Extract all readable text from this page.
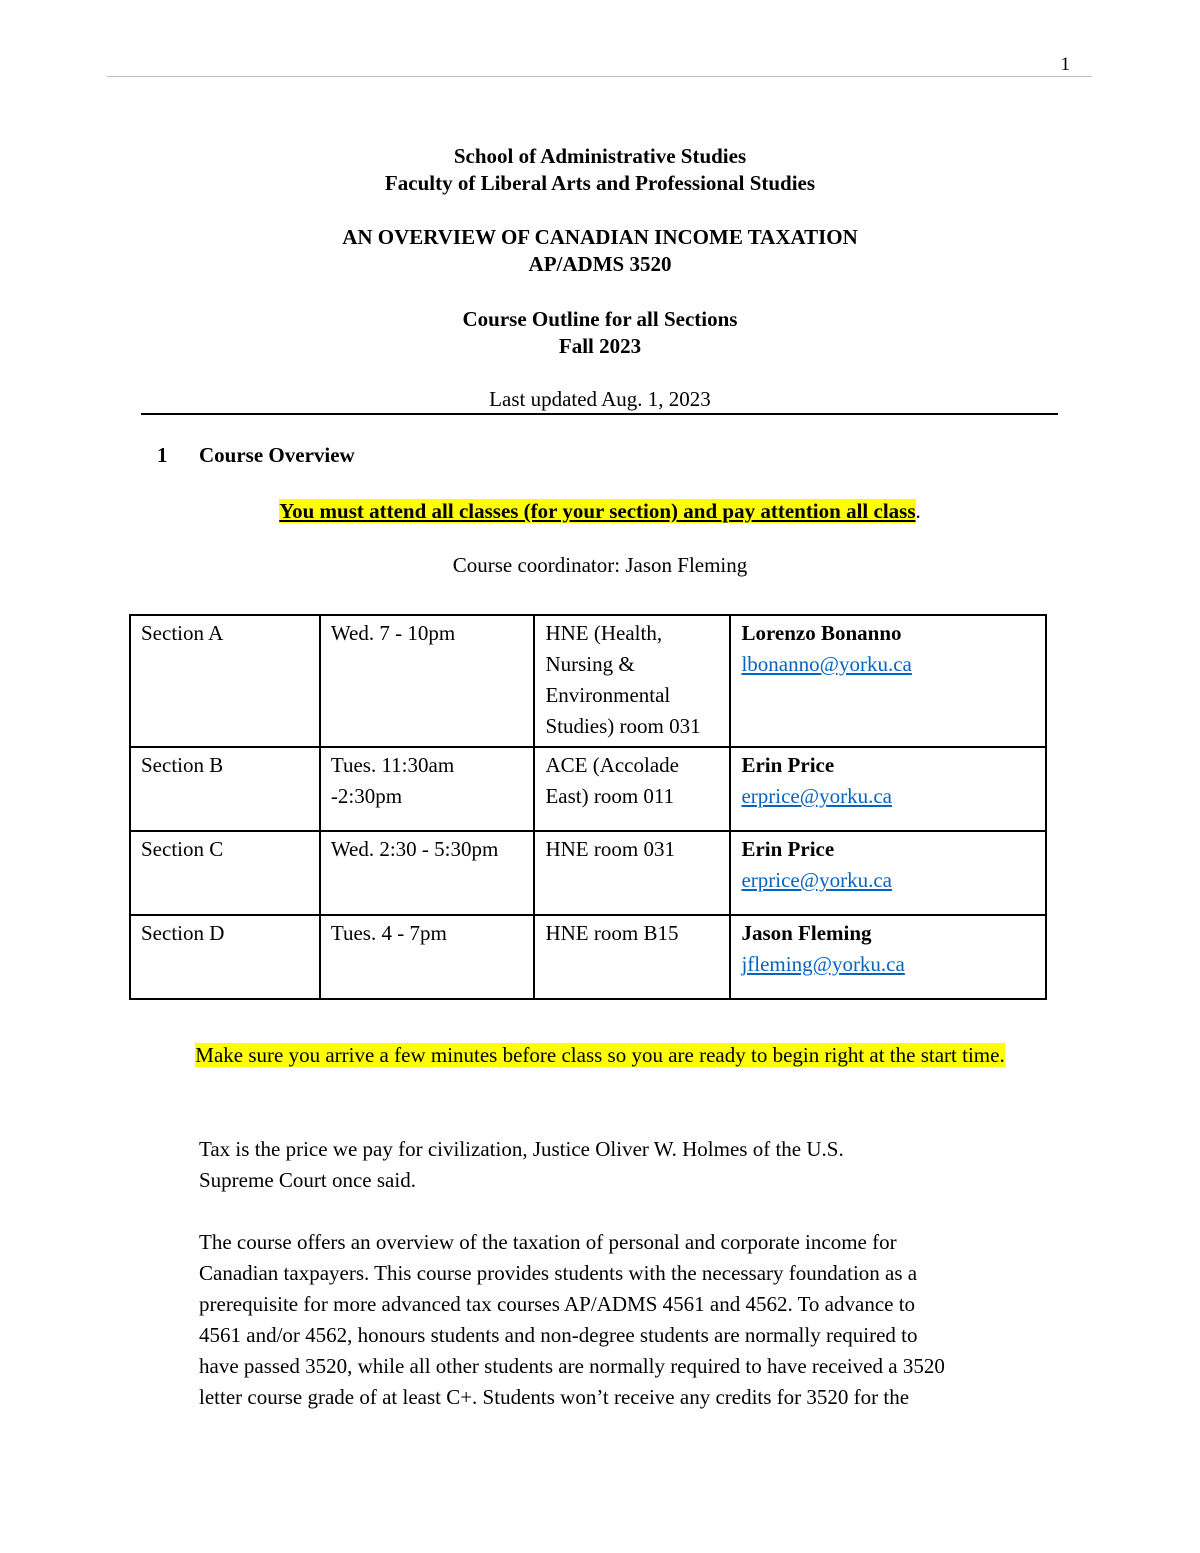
1
School of Administrative Studies
Faculty of Liberal Arts and Professional Studies
AN OVERVIEW OF CANADIAN INCOME TAXATION
AP/ADMS 3520
Course Outline for all Sections
Fall 2023
Last updated Aug. 1, 2023
1 Course Overview
You must attend all classes (for your section) and pay attention all class.
Course coordinator: Jason Fleming
Section A	Wed. 7 - 10pm	HNE (Health, Nursing & Environmental Studies) room 031	Lorenzo Bonanno
lbonanno@yorku.ca

Section B	Tues. 11:30am -2:30pm	ACE (Accolade East) room 011	Erin Price
erprice@yorku.ca

Section C	Wed. 2:30 - 5:30pm	HNE room 031	Erin Price
erprice@yorku.ca

Section D	Tues. 4 - 7pm	HNE room B15	Jason Fleming
jfleming@yorku.ca
Make sure you arrive a few minutes before class so you are ready to begin right at the start time.
Tax is the price we pay for civilization, Justice Oliver W. Holmes of the U.S.
Supreme Court once said.
The course offers an overview of the taxation of personal and corporate income for
Canadian taxpayers. This course provides students with the necessary foundation as a
prerequisite for more advanced tax courses AP/ADMS 4561 and 4562. To advance to
4561 and/or 4562, honours students and non-degree students are normally required to
have passed 3520, while all other students are normally required to have received a 3520
letter course grade of at least C+. Students won’t receive any credits for 3520 for the
